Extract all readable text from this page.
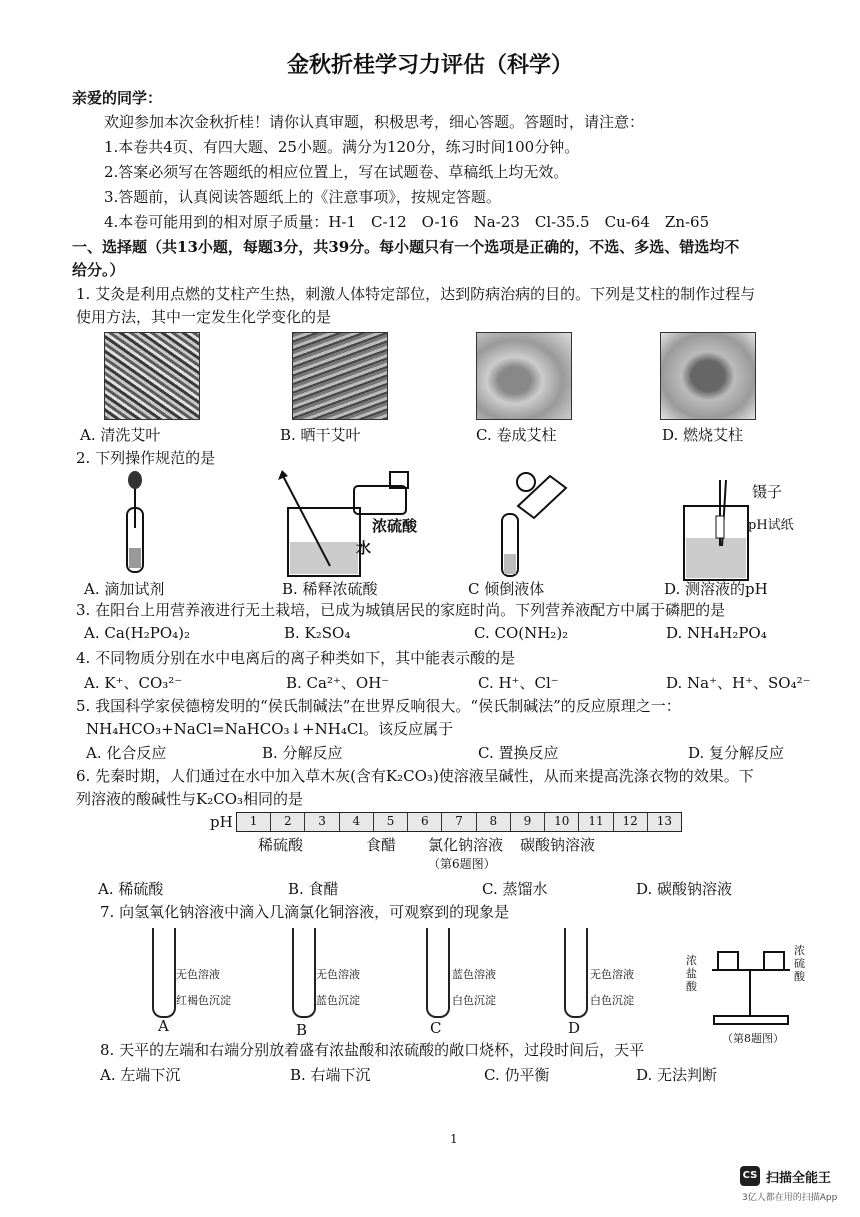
金秋折桂学习力评估（科学）
亲爱的同学：
欢迎参加本次金秋折桂！请你认真审题，积极思考，细心答题。答题时，请注意：
1.本卷共4页、有四大题、25小题。满分为120分，练习时间100分钟。
2.答案必须写在答题纸的相应位置上，写在试题卷、草稿纸上均无效。
3.答题前，认真阅读答题纸上的《注意事项》，按规定答题。
4.本卷可能用到的相对原子质量：H-1　C-12　O-16　Na-23　Cl-35.5　Cu-64　Zn-65
一、选择题（共13小题，每题3分，共39分。每小题只有一个选项是正确的，不选、多选、错选均不
给分。）
1. 艾灸是利用点燃的艾柱产生热，刺激人体特定部位，达到防病治病的目的。下列是艾柱的制作过程与
使用方法，其中一定发生化学变化的是
A. 清洗艾叶	B. 晒干艾叶	C. 卷成艾柱	D. 燃烧艾柱
2. 下列操作规范的是
浓硫酸
水
镊子
pH试纸
A. 滴加试剂	B. 稀释浓硫酸	C 倾倒液体	D. 测溶液的pH
3. 在阳台上用营养液进行无土栽培，已成为城镇居民的家庭时尚。下列营养液配方中属于磷肥的是
A. Ca(H₂PO₄)₂	B. K₂SO₄	C. CO(NH₂)₂	D. NH₄H₂PO₄
4. 不同物质分别在水中电离后的离子种类如下，其中能表示酸的是
A. K⁺、CO₃²⁻	B. Ca²⁺、OH⁻	C. H⁺、Cl⁻	D. Na⁺、H⁺、SO₄²⁻
5. 我国科学家侯德榜发明的“侯氏制碱法”在世界反响很大。“侯氏制碱法”的反应原理之一：
NH₄HCO₃+NaCl=NaHCO₃↓+NH₄Cl。该反应属于
A. 化合反应	B. 分解反应	C. 置换反应	D. 复分解反应
6. 先秦时期，人们通过在水中加入草木灰(含有K₂CO₃)使溶液呈碱性，从而来提高洗涤衣物的效果。下
列溶液的酸碱性与K₂CO₃相同的是
pH	1	2	3	4	5	6	7	8	9	10	11	12	13
稀硫酸	食醋 氯化钠溶液 碳酸钠溶液
（第6题图）
A. 稀硫酸	B. 食醋	C. 蒸馏水	D. 碳酸钠溶液
7. 向氢氧化钠溶液中滴入几滴氯化铜溶液，可观察到的现象是
无色溶液
红褐色沉淀
A
无色溶液
蓝色沉淀
B
蓝色溶液
白色沉淀
C
无色溶液
白色沉淀
D
浓盐酸
浓硫酸
（第8题图）
8. 天平的左端和右端分别放着盛有浓盐酸和浓硫酸的敞口烧杯，过段时间后，天平
A. 左端下沉	B. 右端下沉	C. 仍平衡	D. 无法判断
1
CS 扫描全能王
3亿人都在用的扫描App
